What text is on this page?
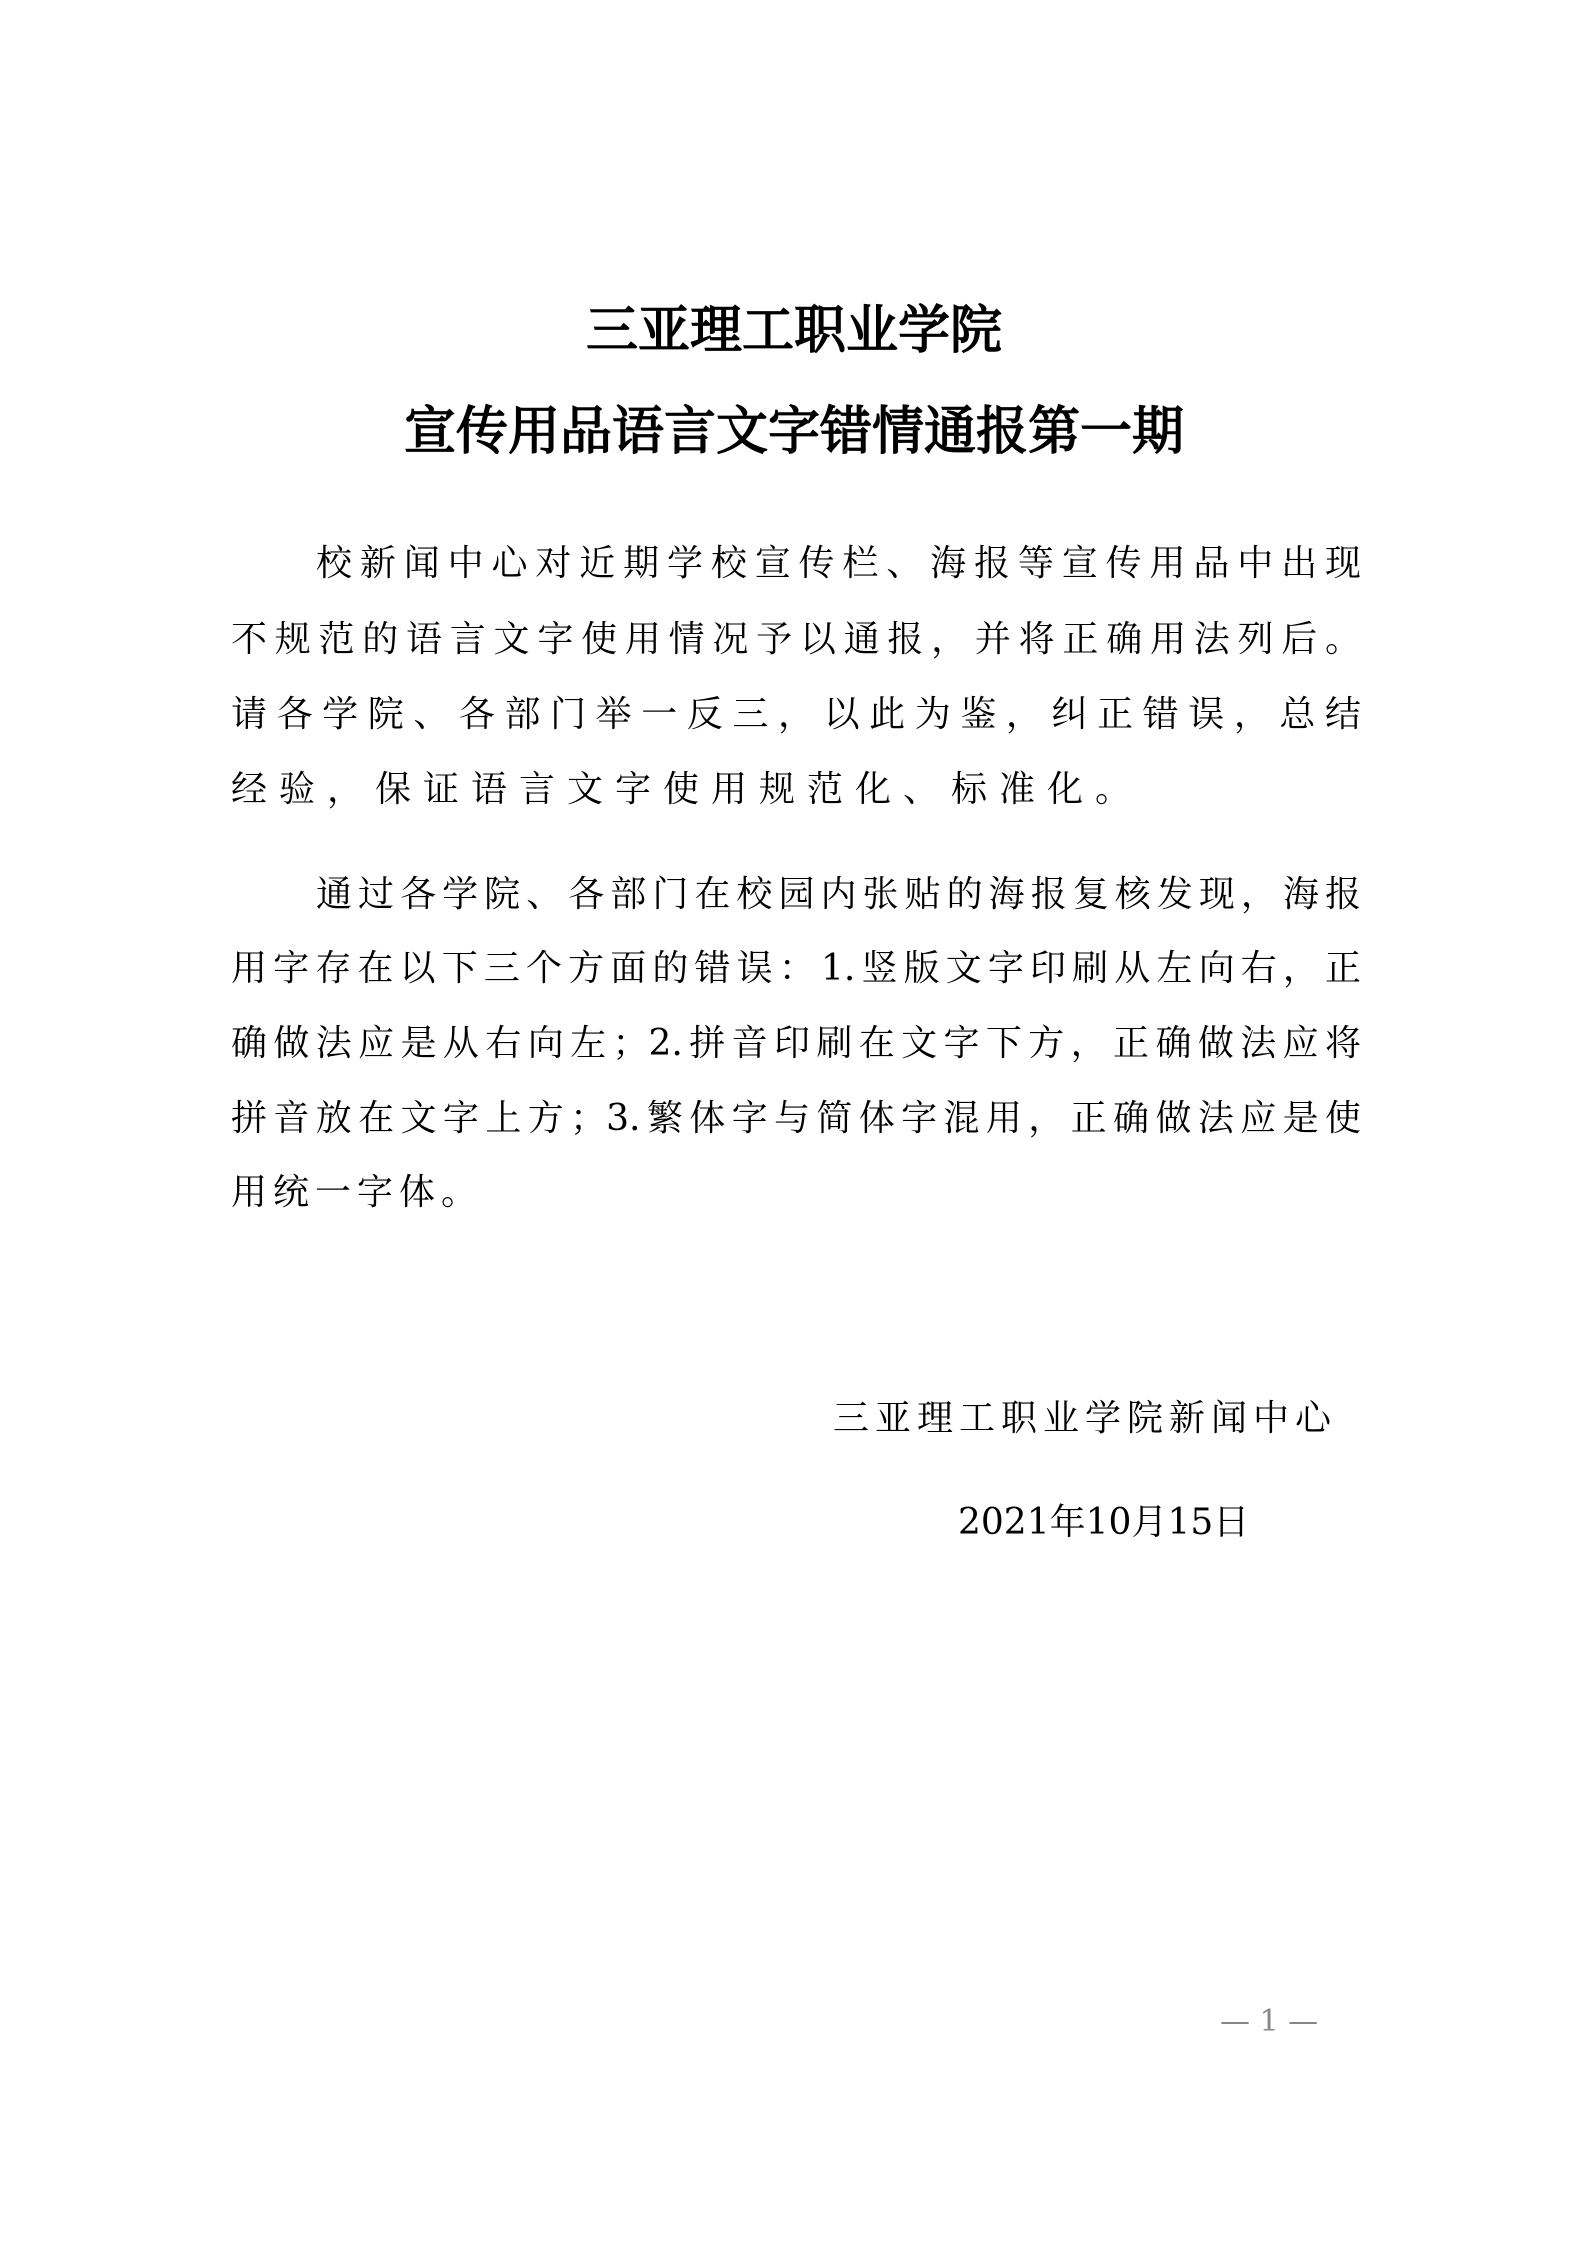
三亚理工职业学院
宣传用品语言文字错情通报第一期
校新闻中心对近期学校宣传栏、海报等宣传用品中出现
不规范的语言文字使用情况予以通报，并将正确用法列后。
请各学院、各部门举一反三，以此为鉴，纠正错误，总结
经验，保证语言文字使用规范化、标准化。
通过各学院、各部门在校园内张贴的海报复核发现，海报
用字存在以下三个方面的错误：1.竖版文字印刷从左向右，正
确做法应是从右向左；2.拼音印刷在文字下方，正确做法应将
拼音放在文字上方；3.繁体字与简体字混用，正确做法应是使
用统一字体。
三亚理工职业学院新闻中心
2021年10月15日
— 1 —
